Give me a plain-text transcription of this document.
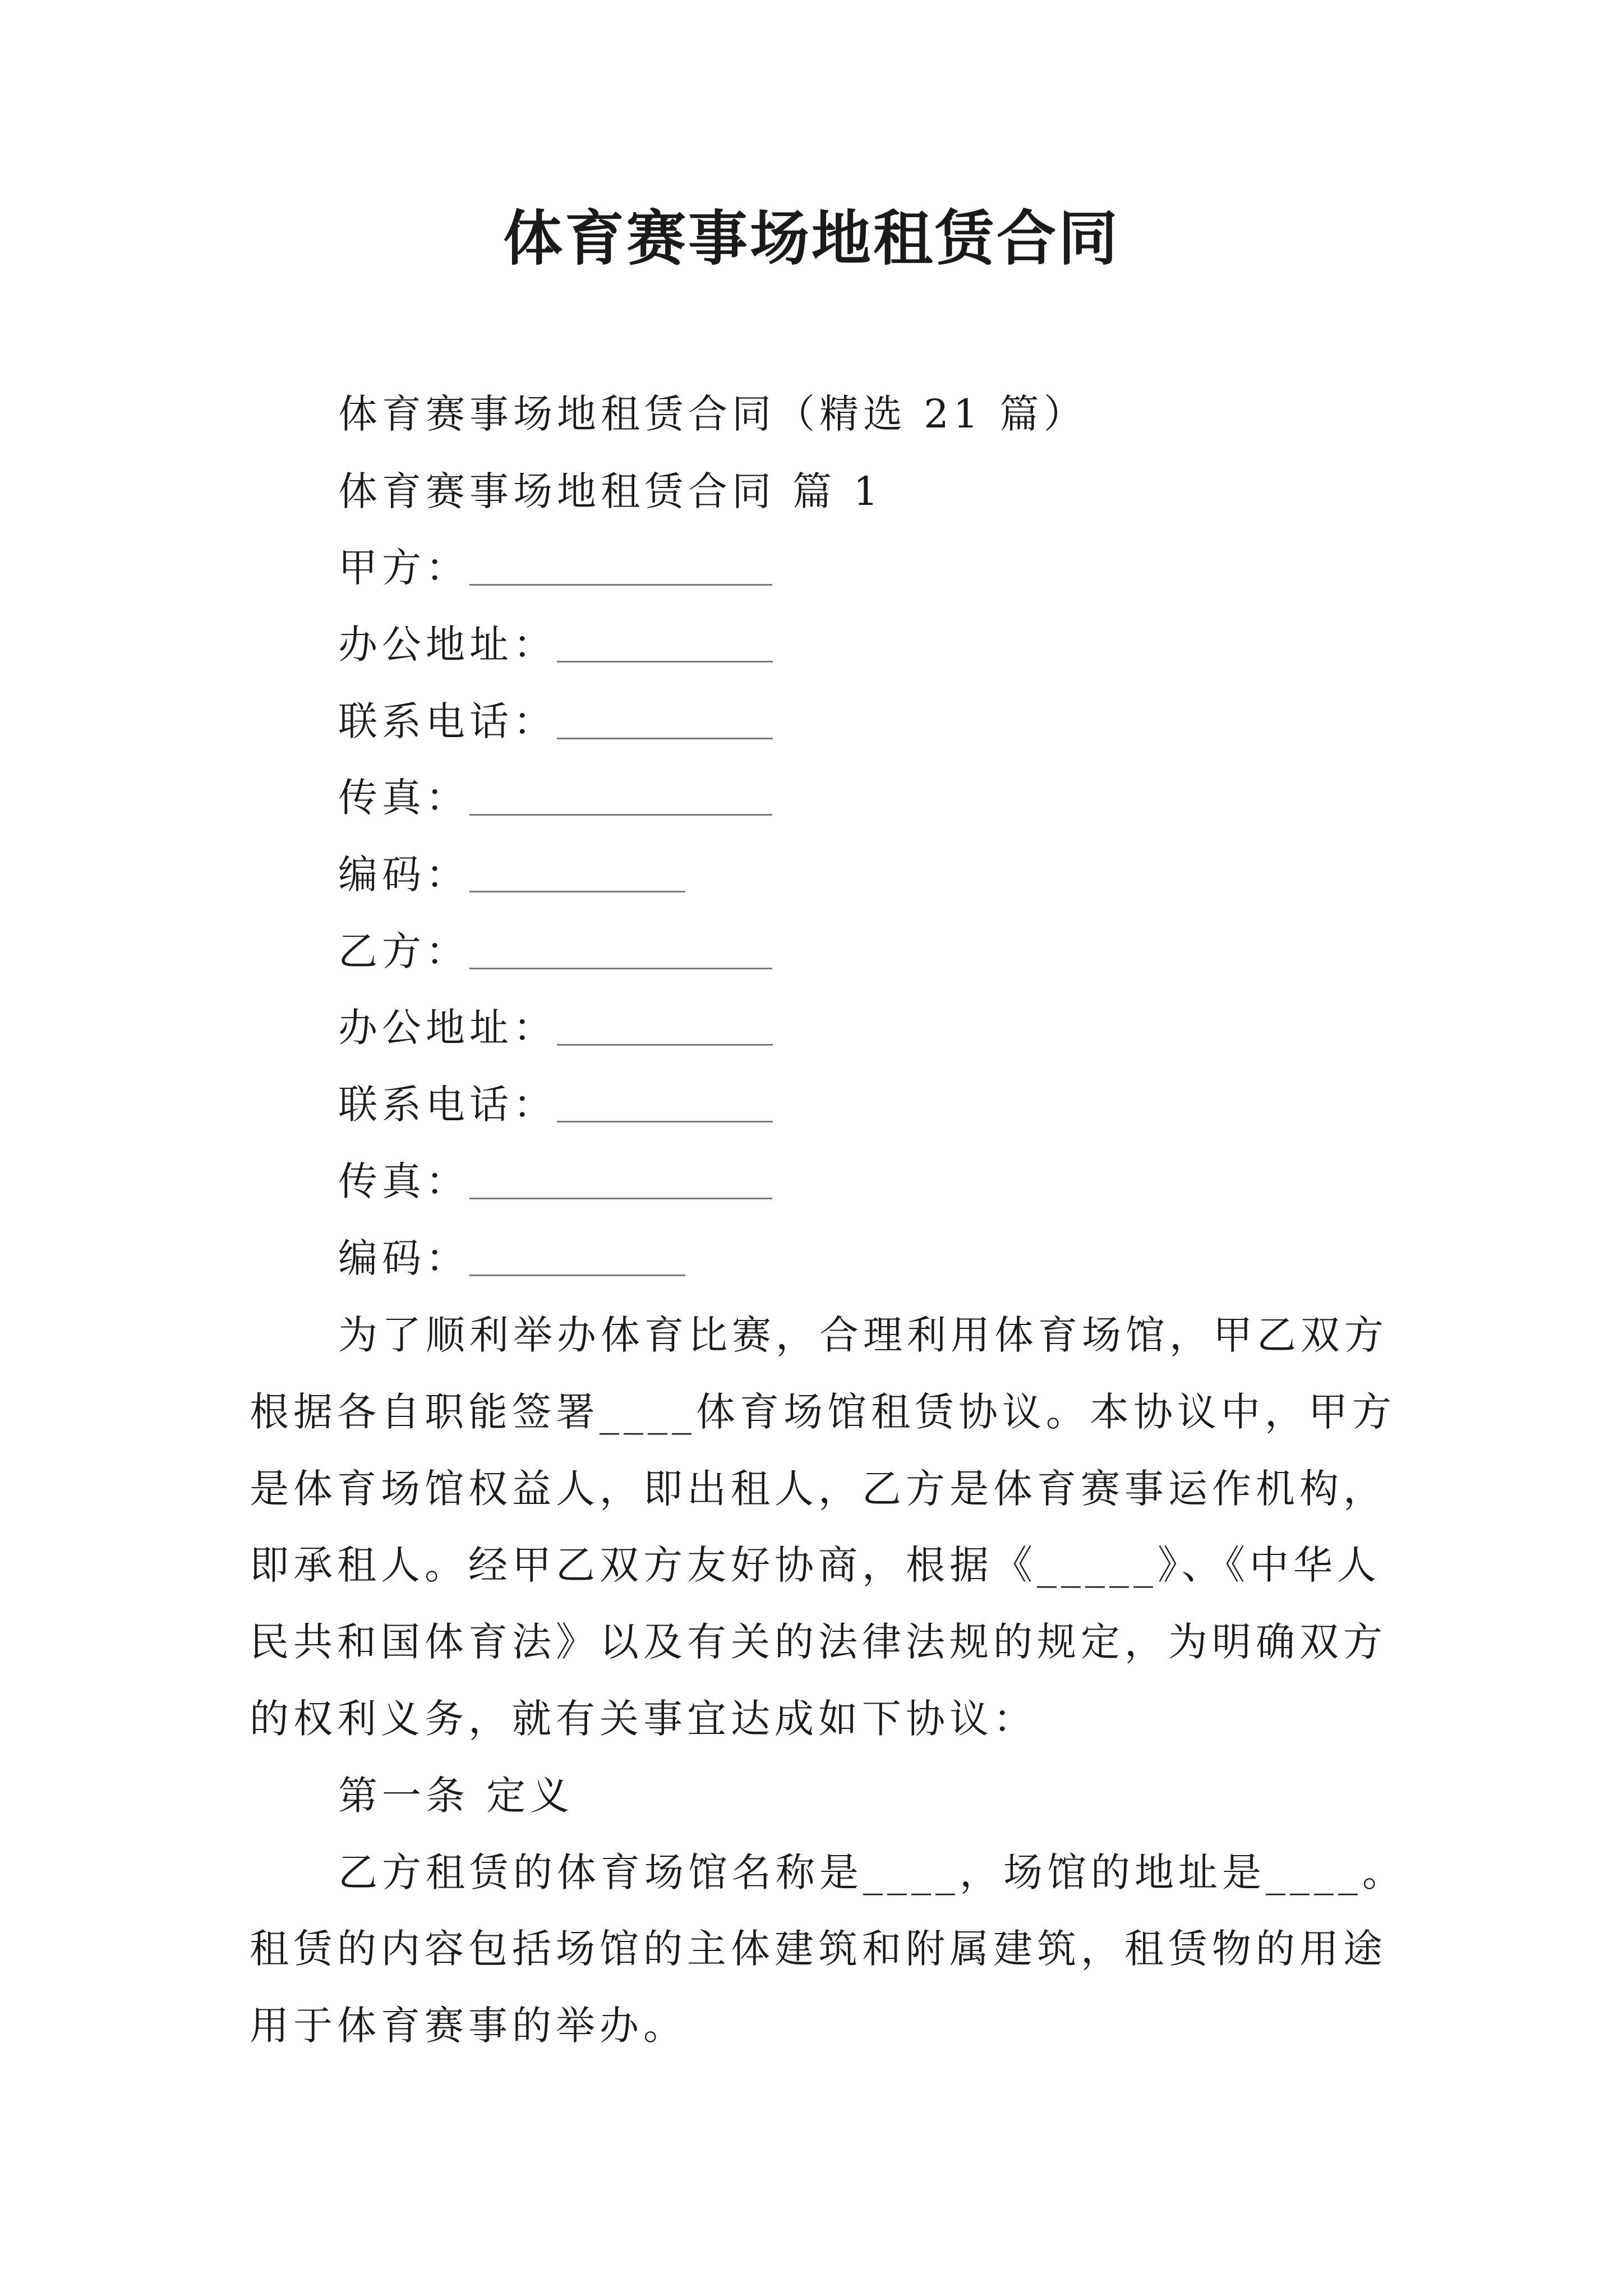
体育赛事场地租赁合同
体育赛事场地租赁合同（精选 21 篇）
体育赛事场地租赁合同 篇 1
甲方：
办公地址：
联系电话：
传真：
编码：
乙方：
办公地址：
联系电话：
传真：
编码：
为了顺利举办体育比赛，合理利用体育场馆，甲乙双方
根据各自职能签署____体育场馆租赁协议。本协议中，甲方
是体育场馆权益人，即出租人，乙方是体育赛事运作机构，
即承租人。经甲乙双方友好协商，根据《_____》、《中华人
民共和国体育法》以及有关的法律法规的规定，为明确双方
的权利义务，就有关事宜达成如下协议：
第一条 定义
乙方租赁的体育场馆名称是____，场馆的地址是____。
租赁的内容包括场馆的主体建筑和附属建筑，租赁物的用途
用于体育赛事的举办。
